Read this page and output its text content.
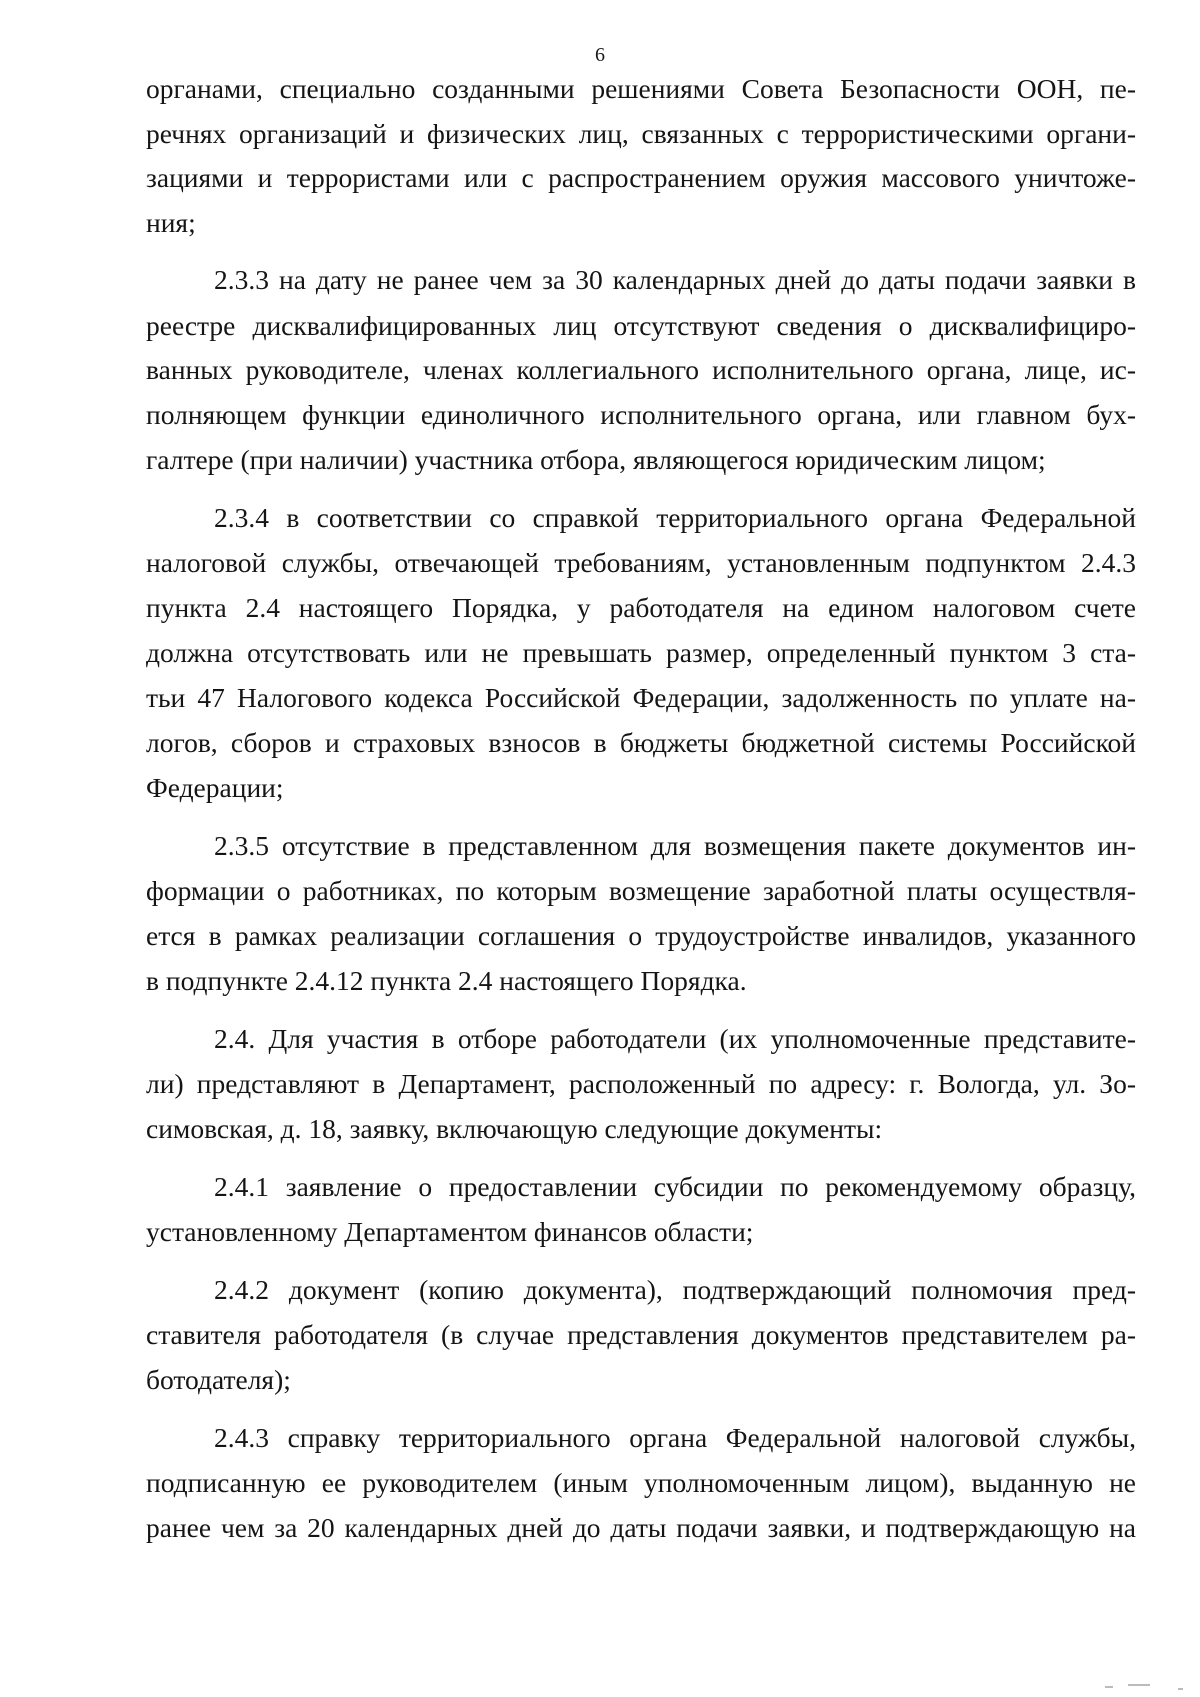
6
органами, специально созданными решениями Совета Безопасности ООН, пе-
речнях организаций и физических лиц, связанных с террористическими органи-
зациями и террористами или с распространением оружия массового уничтоже-
ния;
2.3.3 на дату не ранее чем за 30 календарных дней до даты подачи заявки в
реестре дисквалифицированных лиц отсутствуют сведения о дисквалифициро-
ванных руководителе, членах коллегиального исполнительного органа, лице, ис-
полняющем функции единоличного исполнительного органа, или главном бух-
галтере (при наличии) участника отбора, являющегося юридическим лицом;
2.3.4 в соответствии со справкой территориального органа Федеральной
налоговой службы, отвечающей требованиям, установленным подпунктом 2.4.3
пункта 2.4 настоящего Порядка, у работодателя на едином налоговом счете
должна отсутствовать или не превышать размер, определенный пунктом 3 ста-
тьи 47 Налогового кодекса Российской Федерации, задолженность по уплате на-
логов, сборов и страховых взносов в бюджеты бюджетной системы Российской
Федерации;
2.3.5 отсутствие в представленном для возмещения пакете документов ин-
формации о работниках, по которым возмещение заработной платы осуществля-
ется в рамках реализации соглашения о трудоустройстве инвалидов, указанного
в подпункте 2.4.12 пункта 2.4 настоящего Порядка.
2.4. Для участия в отборе работодатели (их уполномоченные представите-
ли) представляют в Департамент, расположенный по адресу: г. Вологда, ул. Зо-
симовская, д. 18, заявку, включающую следующие документы:
2.4.1 заявление о предоставлении субсидии по рекомендуемому образцу,
установленному Департаментом финансов области;
2.4.2 документ (копию документа), подтверждающий полномочия пред-
ставителя работодателя (в случае представления документов представителем ра-
ботодателя);
2.4.3 справку территориального органа Федеральной налоговой службы,
подписанную ее руководителем (иным уполномоченным лицом), выданную не
ранее чем за 20 календарных дней до даты подачи заявки, и подтверждающую на
